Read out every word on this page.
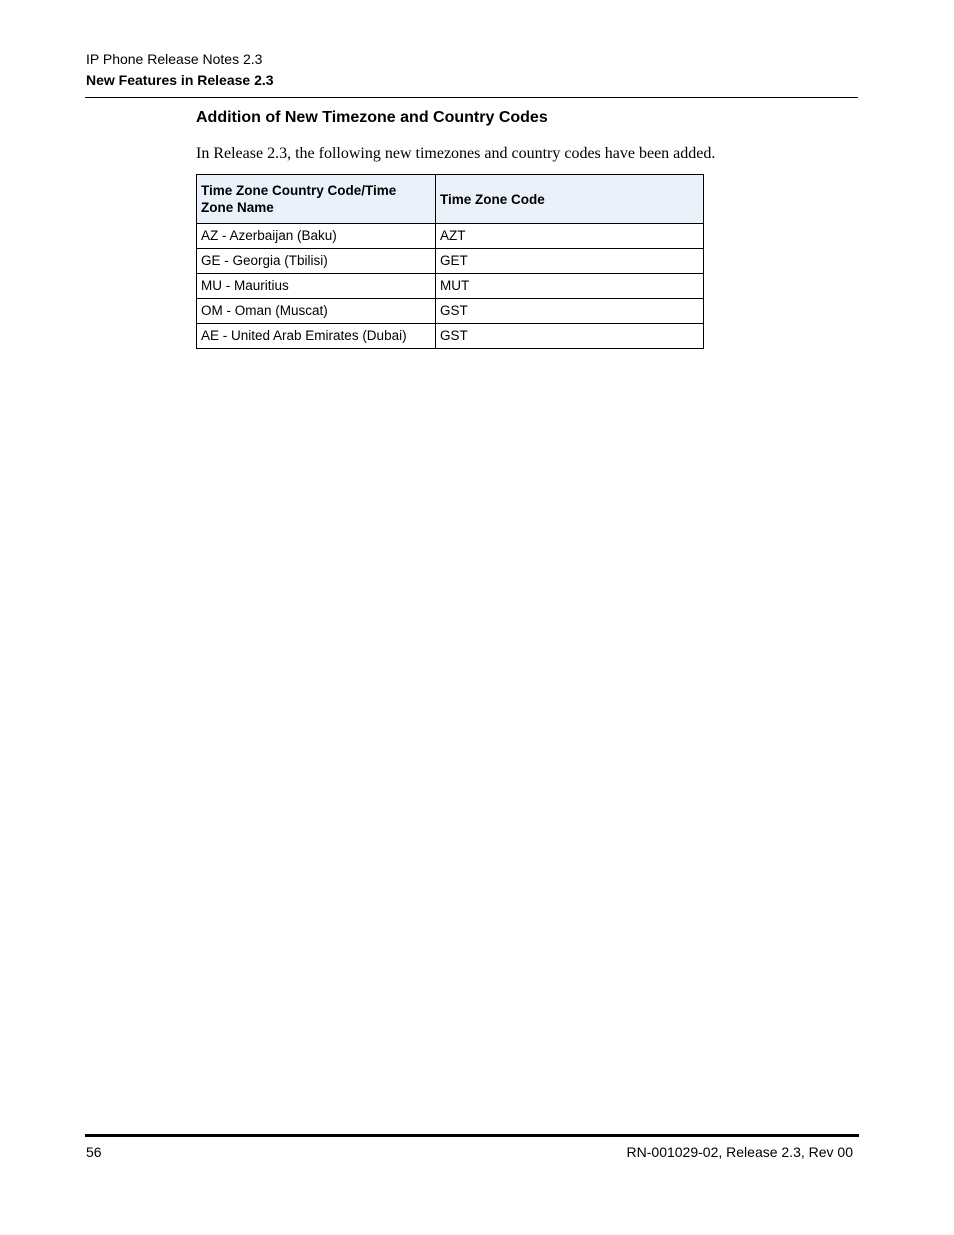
IP Phone Release Notes 2.3
New Features in Release 2.3
Addition of New Timezone and Country Codes
In Release 2.3, the following new timezones and country codes have been added.
Time Zone Country Code/Time Zone Name	Time Zone Code
AZ - Azerbaijan (Baku)	AZT
GE - Georgia (Tbilisi)	GET
MU - Mauritius	MUT
OM - Oman (Muscat)	GST
AE - United Arab Emirates (Dubai)	GST
56	RN-001029-02, Release 2.3, Rev 00
